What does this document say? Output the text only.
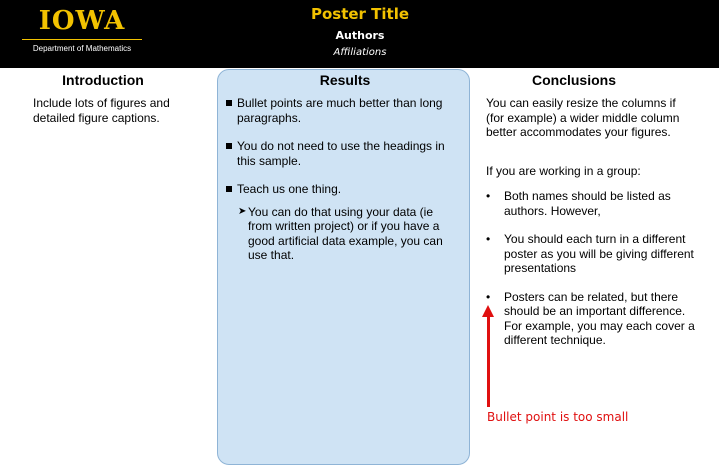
IOWA
Department of Mathematics
Poster Title
Authors
Affiliations
Introduction	Results	Conclusions
Include lots of figures and detailed figure captions.
Bullet points are much better than long paragraphs.
You do not need to use the headings in this sample.
Teach us one thing.
➤ You can do that using your data (ie from written project) or if you have a good artificial data example, you can use that.

You can easily resize the columns if (for example) a wider middle column better accommodates your figures.

If you are working in a group:

• Both names should be listed as authors. However,
• You should each turn in a different poster as you will be giving different presentations
• Posters can be related, but there should be an important difference. For example, you may each cover a different technique.
Bullet point is too small
